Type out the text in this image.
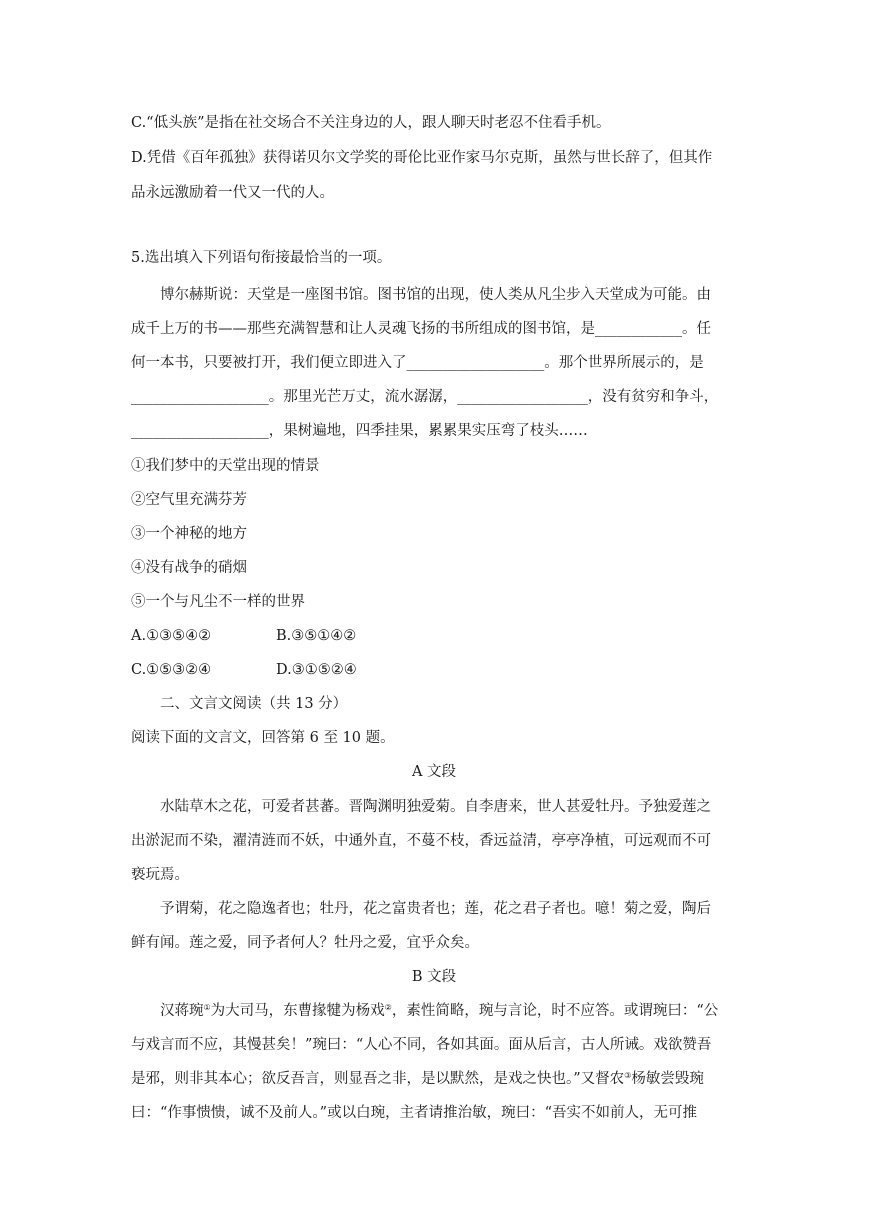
C.“低头族”是指在社交场合不关注身边的人，跟人聊天时老忍不住看手机。
D.凭借《百年孤独》获得诺贝尔文学奖的哥伦比亚作家马尔克斯，虽然与世长辞了，但其作
品永远激励着一代又一代的人。
5.选出填入下列语句衔接最恰当的一项。
博尔赫斯说：天堂是一座图书馆。图书馆的出现，使人类从凡尘步入天堂成为可能。由
成千上万的书——那些充满智慧和让人灵魂飞扬的书所组成的图书馆，是____________。任
何一本书，只要被打开，我们便立即进入了___________________。那个世界所展示的，是
___________________。那里光芒万丈，流水潺潺，__________________，没有贫穷和争斗，
___________________，果树遍地，四季挂果，累累果实压弯了枝头……
①我们梦中的天堂出现的情景
②空气里充满芬芳
③一个神秘的地方
④没有战争的硝烟
⑤一个与凡尘不一样的世界
A.①③⑤④②	B.③⑤①④②
C.①⑤③②④	D.③①⑤②④
二、文言文阅读（共 13 分）
阅读下面的文言文，回答第 6 至 10 题。
A 文段
水陆草木之花，可爱者甚蕃。晋陶渊明独爱菊。自李唐来，世人甚爱牡丹。予独爱莲之
出淤泥而不染，濯清涟而不妖，中通外直，不蔓不枝，香远益清，亭亭净植，可远观而不可
亵玩焉。
予谓菊，花之隐逸者也；牡丹，花之富贵者也；莲，花之君子者也。噫！菊之爱，陶后
鲜有闻。莲之爱，同予者何人？牡丹之爱，宜乎众矣。
B 文段
汉蒋琬①为大司马，东曹掾犍为杨戏②，素性简略，琬与言论，时不应答。或谓琬曰：“公
与戏言而不应，其慢甚矣！”琬曰：“人心不同，各如其面。面从后言，古人所诫。戏欲赞吾
是邪，则非其本心；欲反吾言，则显吾之非，是以默然，是戏之快也。”又督农③杨敏尝毁琬
曰：“作事愦愦，诚不及前人。”或以白琬，主者请推治敏，琬曰：“吾实不如前人，无可推
